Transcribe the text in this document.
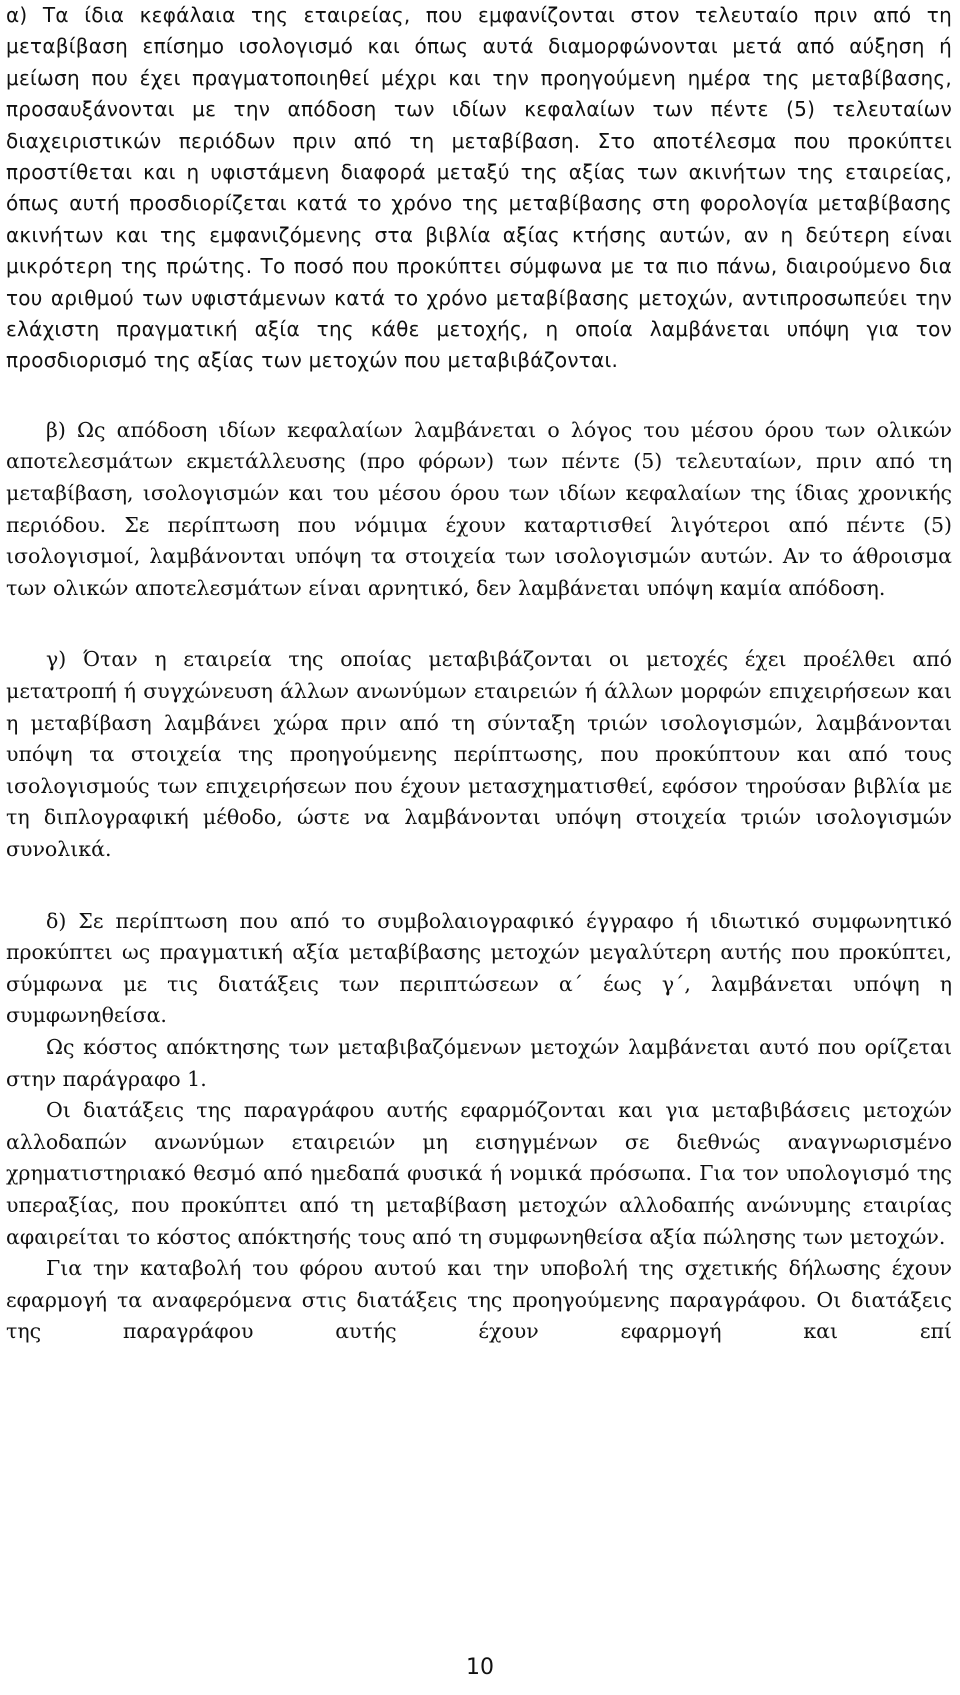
α) Τα ίδια κεφάλαια της εταιρείας, που εμφανίζονται στον τελευταίο πριν από τη μεταβίβαση επίσημο ισολογισμό και όπως αυτά διαμορφώνονται μετά από αύξηση ή μείωση που έχει πραγματοποιηθεί μέχρι και την προηγούμενη ημέρα της μεταβίβασης, προσαυξάνονται με την απόδοση των ιδίων κεφαλαίων των πέντε (5) τελευταίων διαχειριστικών περιόδων πριν από τη μεταβίβαση. Στο αποτέλεσμα που προκύπτει προστίθεται και η υφιστάμενη διαφορά μεταξύ της αξίας των ακινήτων της εταιρείας, όπως αυτή προσδιορίζεται κατά το χρόνο της μεταβίβασης στη φορολογία μεταβίβασης ακινήτων και της εμφανιζόμενης στα βιβλία αξίας κτήσης αυτών, αν η δεύτερη είναι μικρότερη της πρώτης. Το ποσό που προκύπτει σύμφωνα με τα πιο πάνω, διαιρούμενο δια του αριθμού των υφιστάμενων κατά το χρόνο μεταβίβασης μετοχών, αντιπροσωπεύει την ελάχιστη πραγματική αξία της κάθε μετοχής, η οποία λαμβάνεται υπόψη για τον προσδιορισμό της αξίας των μετοχών που μεταβιβάζονται.

β) Ως απόδοση ιδίων κεφαλαίων λαμβάνεται ο λόγος του μέσου όρου των ολικών αποτελεσμάτων εκμετάλλευσης (προ φόρων) των πέντε (5) τελευταίων, πριν από τη μεταβίβαση, ισολογισμών και του μέσου όρου των ιδίων κεφαλαίων της ίδιας χρονικής περιόδου. Σε περίπτωση που νόμιμα έχουν καταρτισθεί λιγότεροι από πέντε (5) ισολογισμοί, λαμβάνονται υπόψη τα στοιχεία των ισολογισμών αυτών. Αν το άθροισμα των ολικών αποτελεσμάτων είναι αρνητικό, δεν λαμβάνεται υπόψη καμία απόδοση.

γ) Όταν η εταιρεία της οποίας μεταβιβάζονται οι μετοχές έχει προέλθει από μετατροπή ή συγχώνευση άλλων ανωνύμων εταιρειών ή άλλων μορφών επιχειρήσεων και η μεταβίβαση λαμβάνει χώρα πριν από τη σύνταξη τριών ισολογισμών, λαμβάνονται υπόψη τα στοιχεία της προηγούμενης περίπτωσης, που προκύπτουν και από τους ισολογισμούς των επιχειρήσεων που έχουν μετασχηματισθεί, εφόσον τηρούσαν βιβλία με τη διπλογραφική μέθοδο, ώστε να λαμβάνονται υπόψη στοιχεία τριών ισολογισμών συνολικά.

δ) Σε περίπτωση που από το συμβολαιογραφικό έγγραφο ή ιδιωτικό συμφωνητικό προκύπτει ως πραγματική αξία μεταβίβασης μετοχών μεγαλύτερη αυτής που προκύπτει, σύμφωνα με τις διατάξεις των περιπτώσεων α΄ έως γ΄, λαμβάνεται υπόψη η συμφωνηθείσα.

Ως κόστος απόκτησης των μεταβιβαζόμενων μετοχών λαμβάνεται αυτό που ορίζεται στην παράγραφο 1.

Οι διατάξεις της παραγράφου αυτής εφαρμόζονται και για μεταβιβάσεις μετοχών αλλοδαπών ανωνύμων εταιρειών μη εισηγμένων σε διεθνώς αναγνωρισμένο χρηματιστηριακό θεσμό από ημεδαπά φυσικά ή νομικά πρόσωπα. Για τον υπολογισμό της υπεραξίας, που προκύπτει από τη μεταβίβαση μετοχών αλλοδαπής ανώνυμης εταιρίας αφαιρείται το κόστος απόκτησής τους από τη συμφωνηθείσα αξία πώλησης των μετοχών.

Για την καταβολή του φόρου αυτού και την υποβολή της σχετικής δήλωσης έχουν εφαρμογή τα αναφερόμενα στις διατάξεις της προηγούμενης παραγράφου. Οι διατάξεις της παραγράφου αυτής έχουν εφαρμογή και επί

10
